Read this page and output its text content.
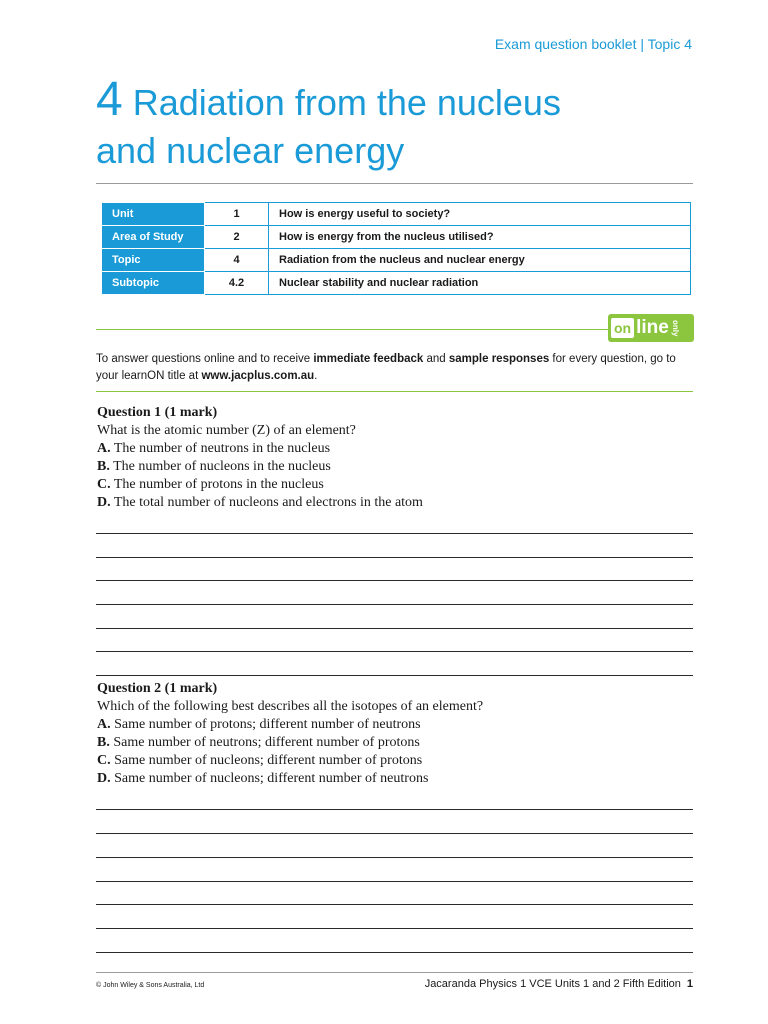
Exam question booklet | Topic 4
4 Radiation from the nucleus
and nuclear energy
Unit	1	How is energy useful to society?
Area of Study	2	How is energy from the nucleus utilised?
Topic	4	Radiation from the nucleus and nuclear energy
Subtopic	4.2	Nuclear stability and nuclear radiation
on line only
To answer questions online and to receive immediate feedback and sample responses for every question, go to your learnON title at www.jacplus.com.au.
Question 1 (1 mark)
What is the atomic number (Z) of an element?
A. The number of neutrons in the nucleus
B. The number of nucleons in the nucleus
C. The number of protons in the nucleus
D. The total number of nucleons and electrons in the atom
Question 2 (1 mark)
Which of the following best describes all the isotopes of an element?
A. Same number of protons; different number of neutrons
B. Same number of neutrons; different number of protons
C. Same number of nucleons; different number of protons
D. Same number of nucleons; different number of neutrons
© John Wiley & Sons Australia, Ltd	Jacaranda Physics 1 VCE Units 1 and 2 Fifth Edition 1
